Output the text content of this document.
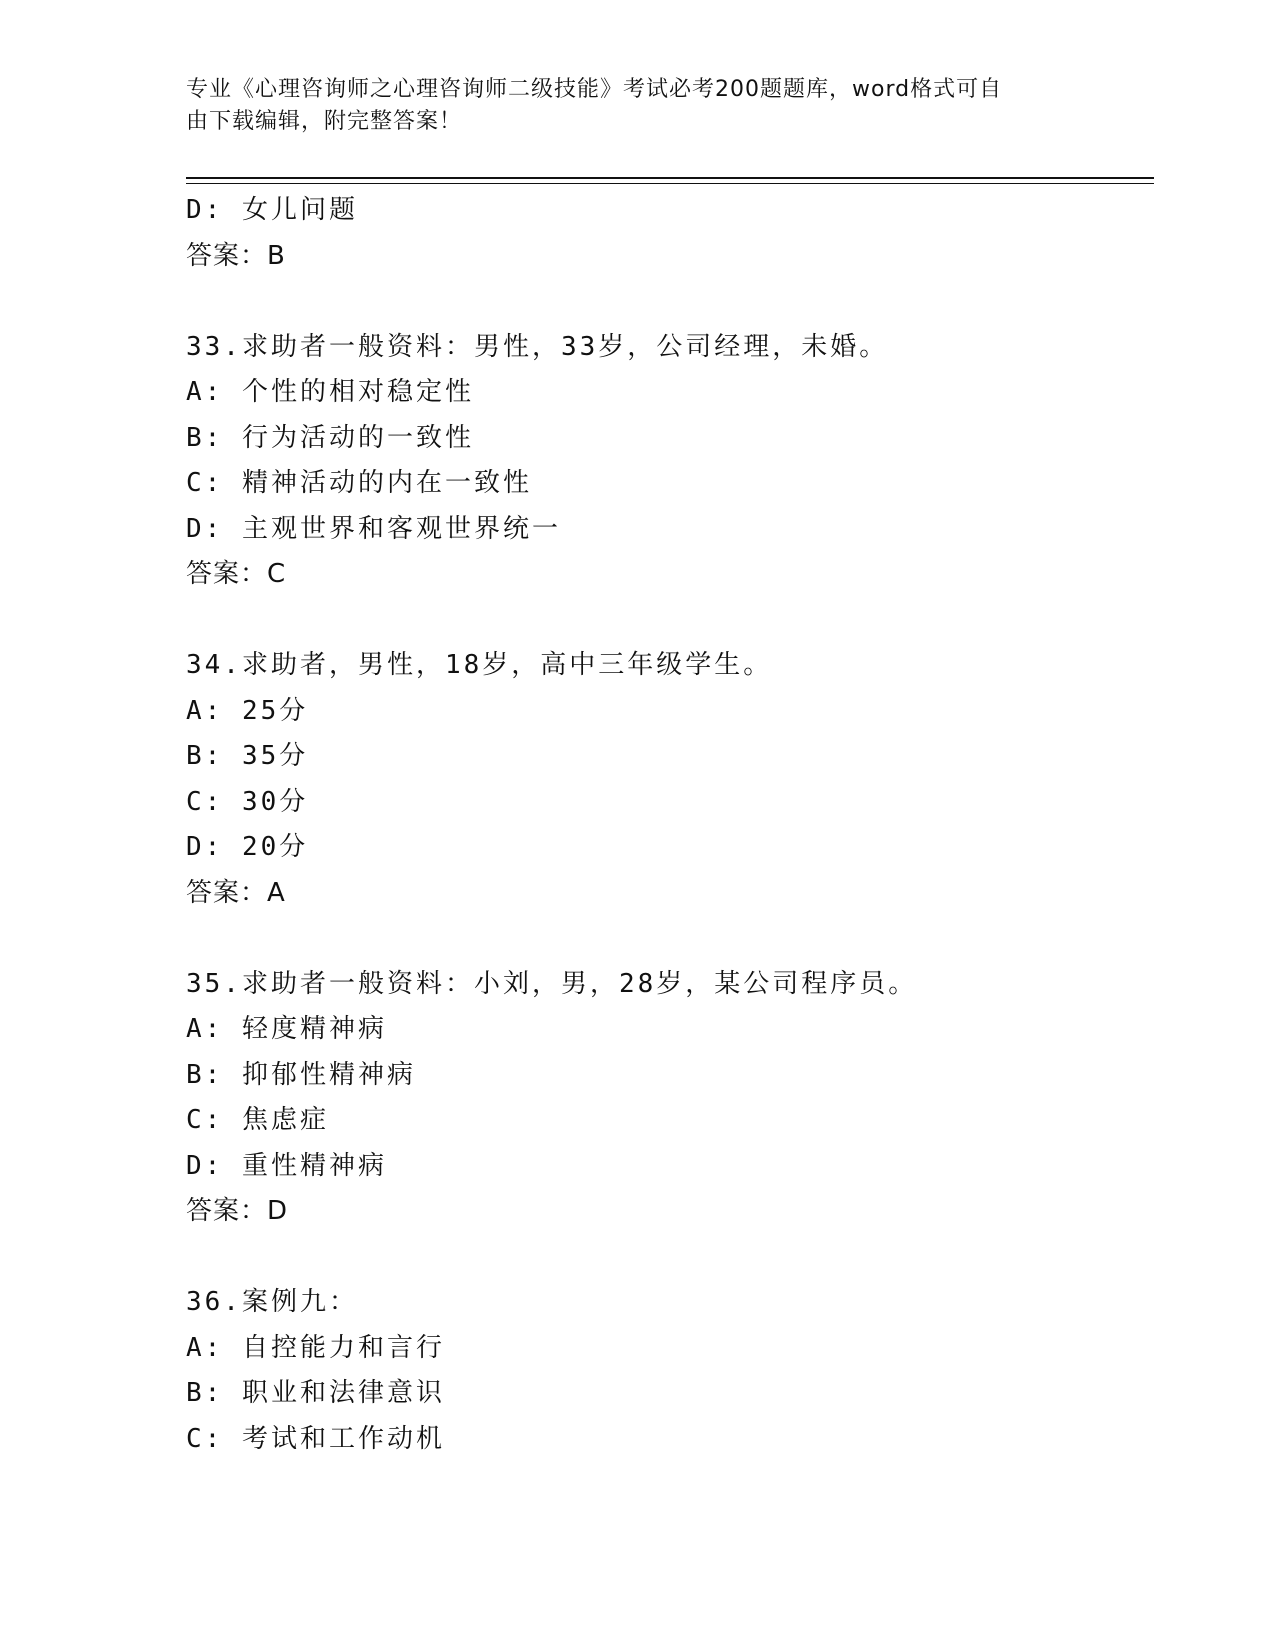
专业《心理咨询师之心理咨询师二级技能》考试必考200题题库，word格式可自
由下载编辑，附完整答案！
D: 女儿问题
答案：B
33.求助者一般资料：男性，33岁，公司经理，未婚。
A: 个性的相对稳定性
B: 行为活动的一致性
C: 精神活动的内在一致性
D: 主观世界和客观世界统一
答案：C
34.求助者，男性，18岁，高中三年级学生。
A: 25分
B: 35分
C: 30分
D: 20分
答案：A
35.求助者一般资料：小刘，男，28岁，某公司程序员。
A: 轻度精神病
B: 抑郁性精神病
C: 焦虑症
D: 重性精神病
答案：D
36.案例九：
A: 自控能力和言行
B: 职业和法律意识
C: 考试和工作动机
